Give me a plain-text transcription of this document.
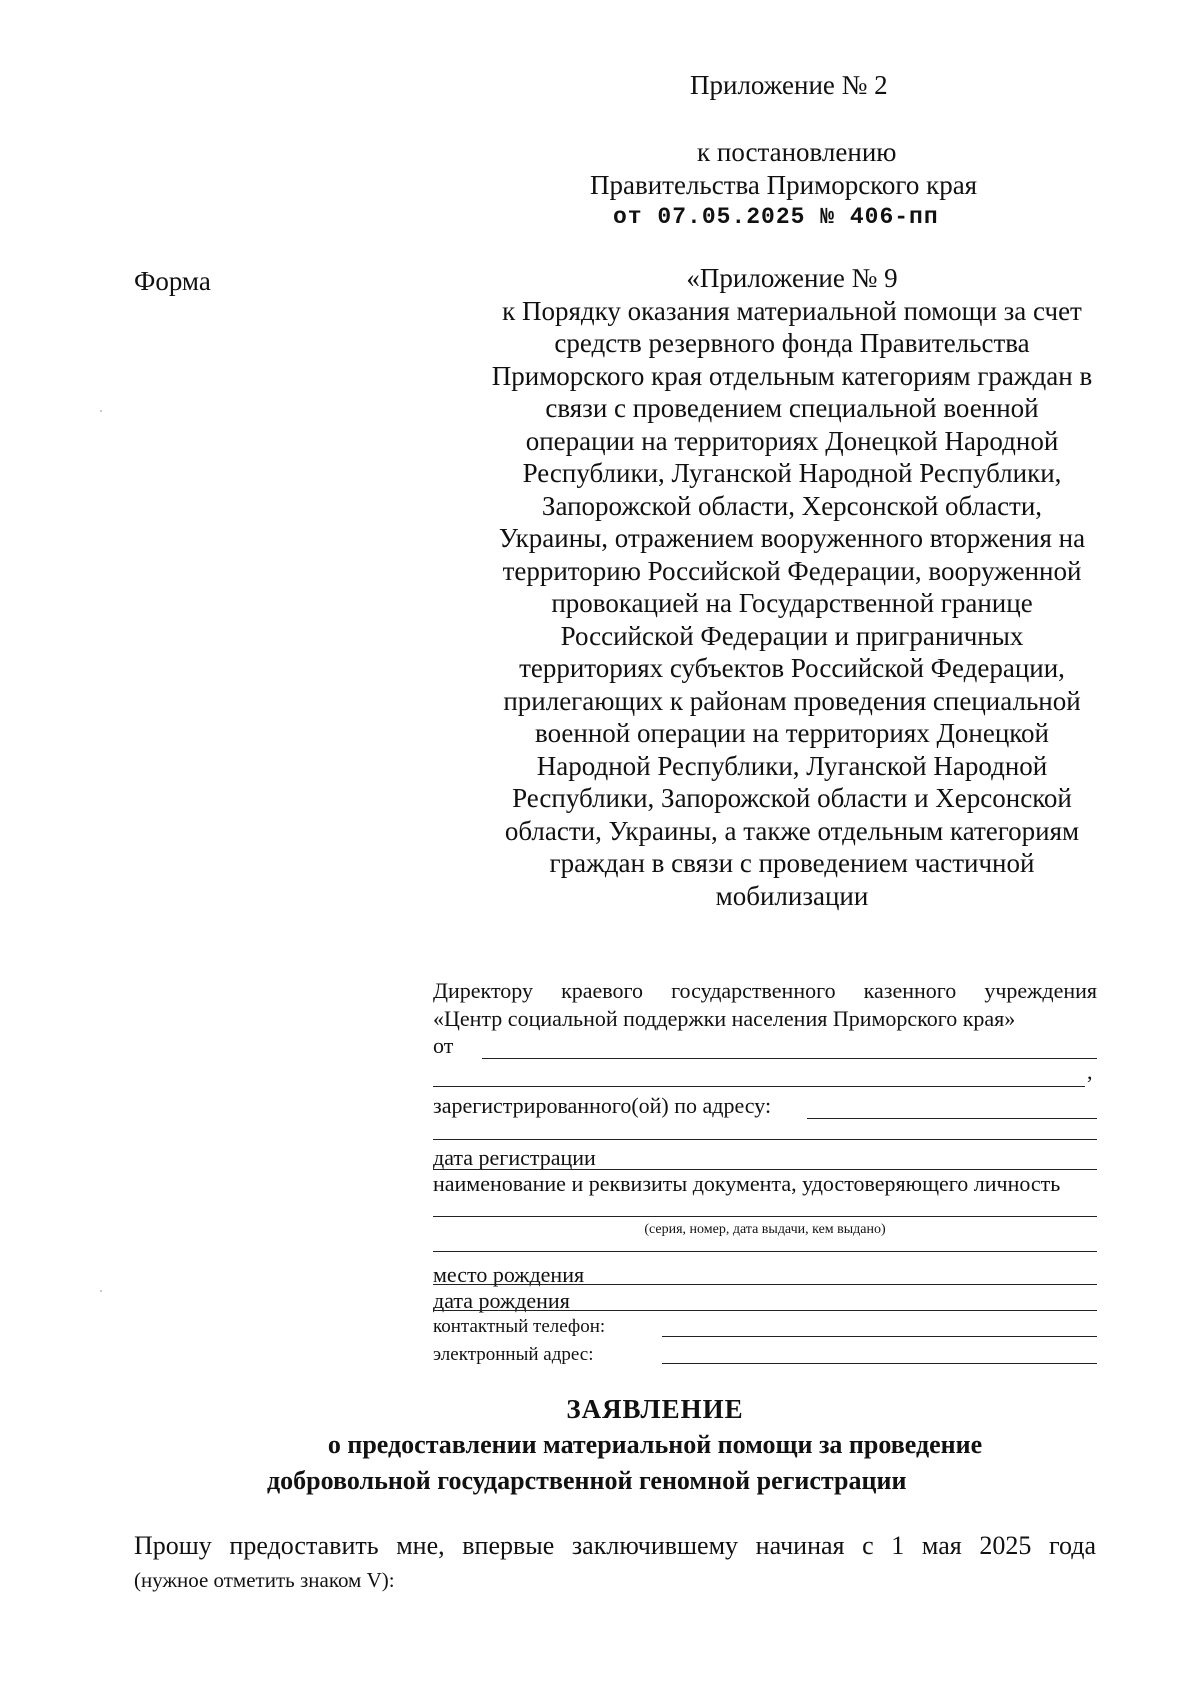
Приложение № 2
к постановлению
Правительства Приморского края
от 07.05.2025 № 406-пп
Форма	«Приложение № 9
к Порядку оказания материальной помощи за счет
средств резервного фонда Правительства
Приморского края отдельным категориям граждан в
связи с проведением специальной военной
операции на территориях Донецкой Народной
Республики, Луганской Народной Республики,
Запорожской области, Херсонской области,
Украины, отражением вооруженного вторжения на
территорию Российской Федерации, вооруженной
провокацией на Государственной границе
Российской Федерации и приграничных
территориях субъектов Российской Федерации,
прилегающих к районам проведения специальной
военной операции на территориях Донецкой
Народной Республики, Луганской Народной
Республики, Запорожской области и Херсонской
области, Украины, а также отдельным категориям
граждан в связи с проведением частичной
мобилизации
Директору краевого государственного казенного учреждения
«Центр социальной поддержки населения Приморского края»
от
,
зарегистрированного(ой) по адресу:
дата регистрации
наименование и реквизиты документа, удостоверяющего личность
(серия, номер, дата выдачи, кем выдано)
место рождения
дата рождения
контактный телефон:
электронный адрес:
ЗАЯВЛЕНИЕ
о предоставлении материальной помощи за проведение
добровольной государственной геномной регистрации
Прошу предоставить мне, впервые заключившему начиная с 1 мая 2025 года
(нужное отметить знаком V):
